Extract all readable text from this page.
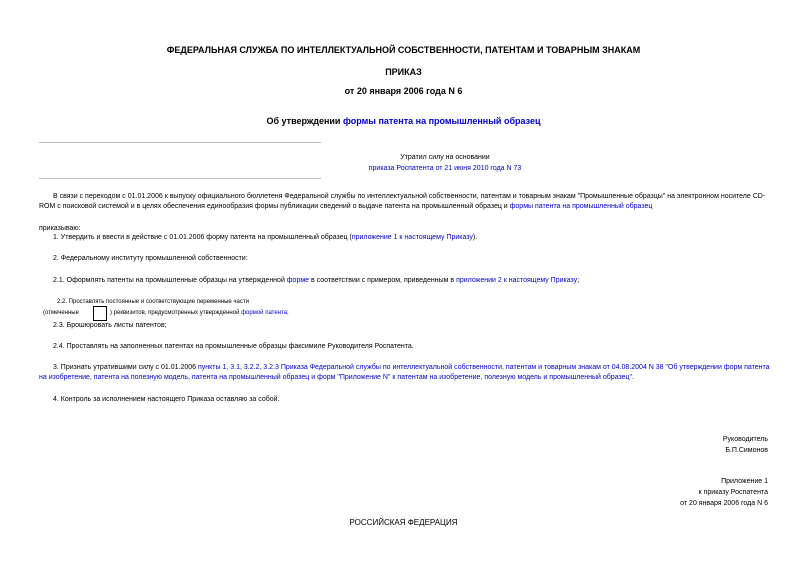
ФЕДЕРАЛЬНАЯ СЛУЖБА ПО ИНТЕЛЛЕКТУАЛЬНОЙ СОБСТВЕННОСТИ, ПАТЕНТАМ И ТОВАРНЫМ ЗНАКАМ
ПРИКАЗ
от 20 января 2006 года N 6
Об утверждении формы патента на промышленный образец
Утратил силу на основании
приказа Роспатента от 21 июня 2010 года N 73
В связи с переходом с 01.01.2006 к выпуску официального бюллетеня Федеральной службы по интеллектуальной собственности, патентам и товарным знакам "Промышленные образцы" на электронном носителе CD-ROM с поисковой системой и в целях обеспечения единообразия формы публикации сведений о выдаче патента на промышленный образец и формы патента на промышленный образец
приказываю:
1. Утвердить и ввести в действие с 01.01.2006 форму патента на промышленный образец (приложение 1 к настоящему Приказу).
2. Федеральному институту промышленной собственности:
2.1. Оформлять патенты на промышленные образцы на утвержденной форме в соответствии с примером, приведенным в приложении 2 к настоящему Приказу;
2.2. Проставлять постоянные и соответствующие переменные части
(отмеченные	) реквизитов, предусмотренных утвержденной формой патента;
2.3. Брошюровать листы патентов;
2.4. Проставлять на заполненных патентах на промышленные образцы факсимиле Руководителя Роспатента.
3. Признать утратившими силу с 01.01.2006 пункты 1, 3.1, 3.2.2, 3.2.3 Приказа Федеральной службы по интеллектуальной собственности, патентам и товарным знакам от 04.08.2004 N 38 "Об утверждении форм патента на изобретение, патента на полезную модель, патента на промышленный образец и форм "Приложение N" к патентам на изобретение, полезную модель и промышленный образец".
4. Контроль за исполнением настоящего Приказа оставляю за собой.
Руководитель
Б.П.Симонов
Приложение 1
к приказу Роспатента
от 20 января 2006 года N 6
РОССИЙСКАЯ ФЕДЕРАЦИЯ
